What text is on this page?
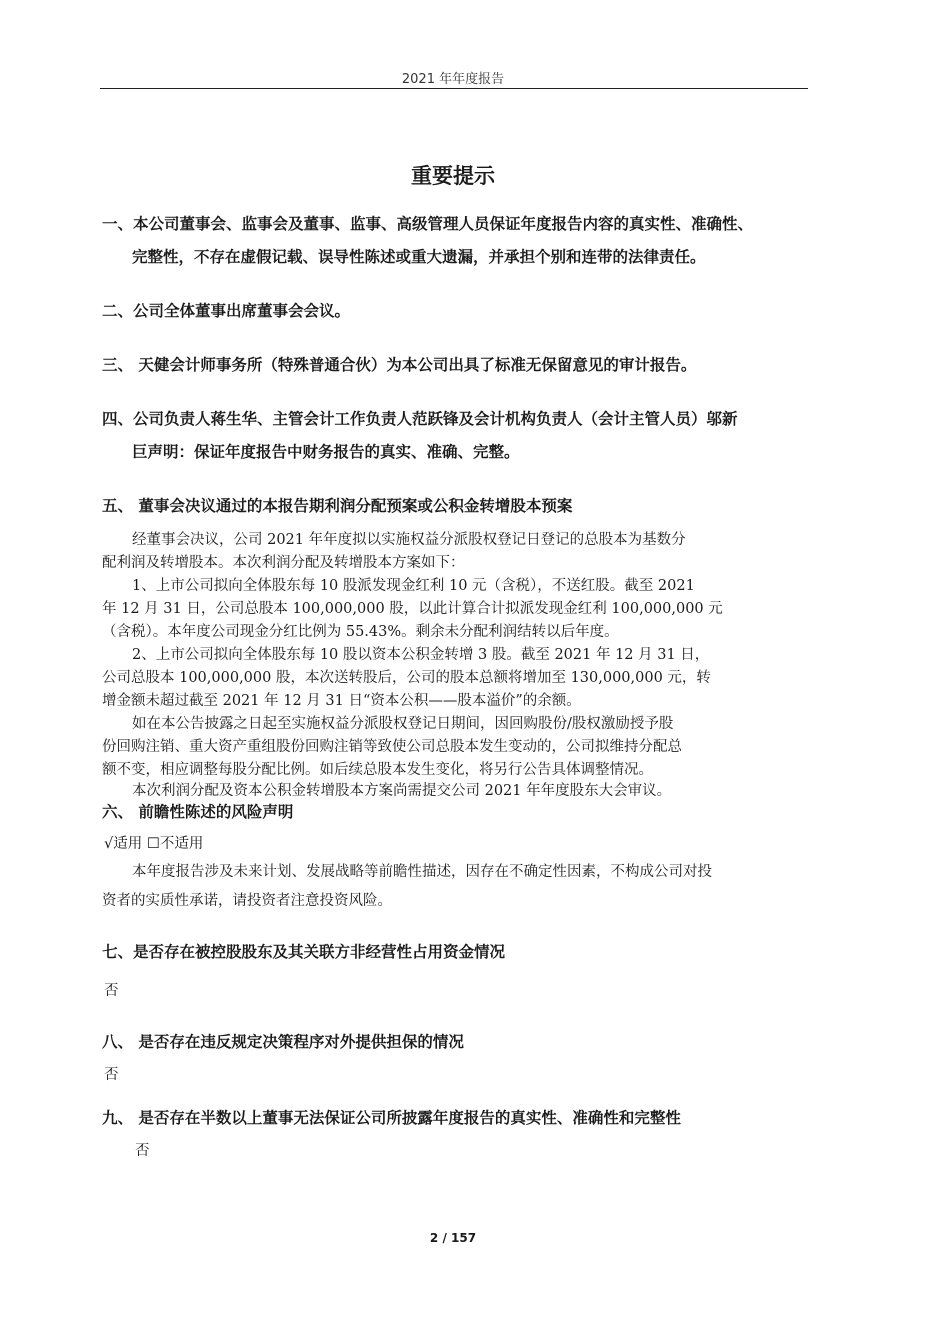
2021 年年度报告
重要提示
一、本公司董事会、监事会及董事、监事、高级管理人员保证年度报告内容的真实性、准确性、
完整性，不存在虚假记载、误导性陈述或重大遗漏，并承担个别和连带的法律责任。
二、公司全体董事出席董事会会议。
三、 天健会计师事务所（特殊普通合伙）为本公司出具了标准无保留意见的审计报告。
四、公司负责人蒋生华、主管会计工作负责人范跃锋及会计机构负责人（会计主管人员）邬新
巨声明：保证年度报告中财务报告的真实、准确、完整。
五、 董事会决议通过的本报告期利润分配预案或公积金转增股本预案
经董事会决议，公司 2021 年年度拟以实施权益分派股权登记日登记的总股本为基数分
配利润及转增股本。本次利润分配及转增股本方案如下：
1、上市公司拟向全体股东每 10 股派发现金红利 10 元（含税），不送红股。截至 2021
年 12 月 31 日，公司总股本 100,000,000 股，以此计算合计拟派发现金红利 100,000,000 元
（含税）。本年度公司现金分红比例为 55.43%。剩余未分配利润结转以后年度。
2、上市公司拟向全体股东每 10 股以资本公积金转增 3 股。截至 2021 年 12 月 31 日，
公司总股本 100,000,000 股，本次送转股后，公司的股本总额将增加至 130,000,000 元，转
增金额未超过截至 2021 年 12 月 31 日“资本公积——股本溢价”的余额。
如在本公告披露之日起至实施权益分派股权登记日期间，因回购股份/股权激励授予股
份回购注销、重大资产重组股份回购注销等致使公司总股本发生变动的，公司拟维持分配总
额不变，相应调整每股分配比例。如后续总股本发生变化，将另行公告具体调整情况。
本次利润分配及资本公积金转增股本方案尚需提交公司 2021 年年度股东大会审议。
六、 前瞻性陈述的风险声明
√适用 ☐不适用
本年度报告涉及未来计划、发展战略等前瞻性描述，因存在不确定性因素，不构成公司对投
资者的实质性承诺，请投资者注意投资风险。
七、是否存在被控股股东及其关联方非经营性占用资金情况
否
八、 是否存在违反规定决策程序对外提供担保的情况
否
九、 是否存在半数以上董事无法保证公司所披露年度报告的真实性、准确性和完整性
否
2 / 157
